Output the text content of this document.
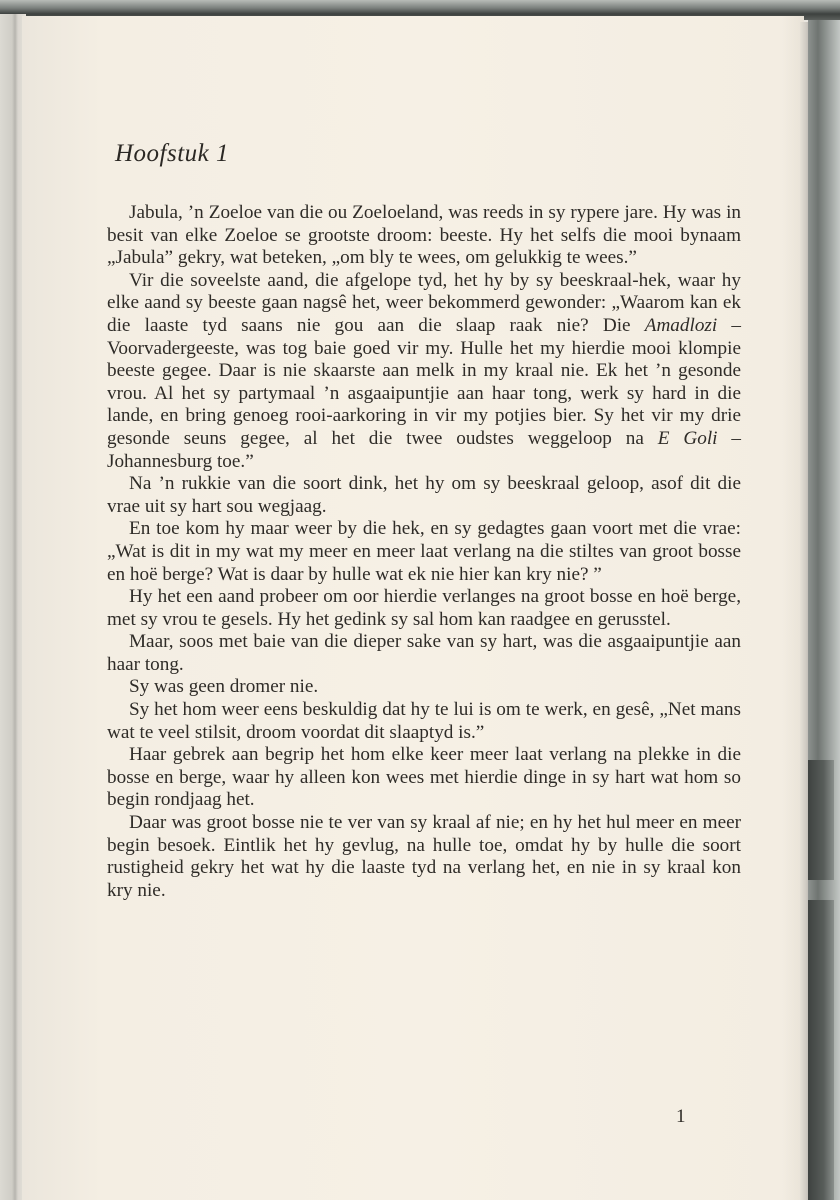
Hoofstuk 1

Jabula, ’n Zoeloe van die ou Zoeloeland, was reeds in sy rypere jare. Hy was in besit van elke Zoeloe se grootste droom: beeste. Hy het selfs die mooi bynaam „Jabula” gekry, wat beteken, „om bly te wees, om gelukkig te wees.”

Vir die soveelste aand, die afgelope tyd, het hy by sy beeskraal-hek, waar hy elke aand sy beeste gaan nagsê het, weer bekommerd gewonder: „Waarom kan ek die laaste tyd saans nie gou aan die slaap raak nie? Die Amadlozi – Voorvadergeeste, was tog baie goed vir my. Hulle het my hierdie mooi klompie beeste gegee. Daar is nie skaarste aan melk in my kraal nie. Ek het ’n gesonde vrou. Al het sy partymaal ’n asgaaipuntjie aan haar tong, werk sy hard in die lande, en bring genoeg rooi-aarkoring in vir my potjies bier. Sy het vir my drie gesonde seuns gegee, al het die twee oudstes weggeloop na E Goli – Johannesburg toe.”

Na ’n rukkie van die soort dink, het hy om sy beeskraal geloop, asof dit die vrae uit sy hart sou wegjaag.

En toe kom hy maar weer by die hek, en sy gedagtes gaan voort met die vrae: „Wat is dit in my wat my meer en meer laat verlang na die stiltes van groot bosse en hoë berge? Wat is daar by hulle wat ek nie hier kan kry nie? ”

Hy het een aand probeer om oor hierdie verlanges na groot bosse en hoë berge, met sy vrou te gesels. Hy het gedink sy sal hom kan raadgee en gerusstel.

Maar, soos met baie van die dieper sake van sy hart, was die asgaaipuntjie aan haar tong.

Sy was geen dromer nie.

Sy het hom weer eens beskuldig dat hy te lui is om te werk, en gesê, „Net mans wat te veel stilsit, droom voordat dit slaaptyd is.”

Haar gebrek aan begrip het hom elke keer meer laat verlang na plekke in die bosse en berge, waar hy alleen kon wees met hierdie dinge in sy hart wat hom so begin rondjaag het.

Daar was groot bosse nie te ver van sy kraal af nie; en hy het hul meer en meer begin besoek. Eintlik het hy gevlug, na hulle toe, omdat hy by hulle die soort rustigheid gekry het wat hy die laaste tyd na verlang het, en nie in sy kraal kon kry nie.

1
